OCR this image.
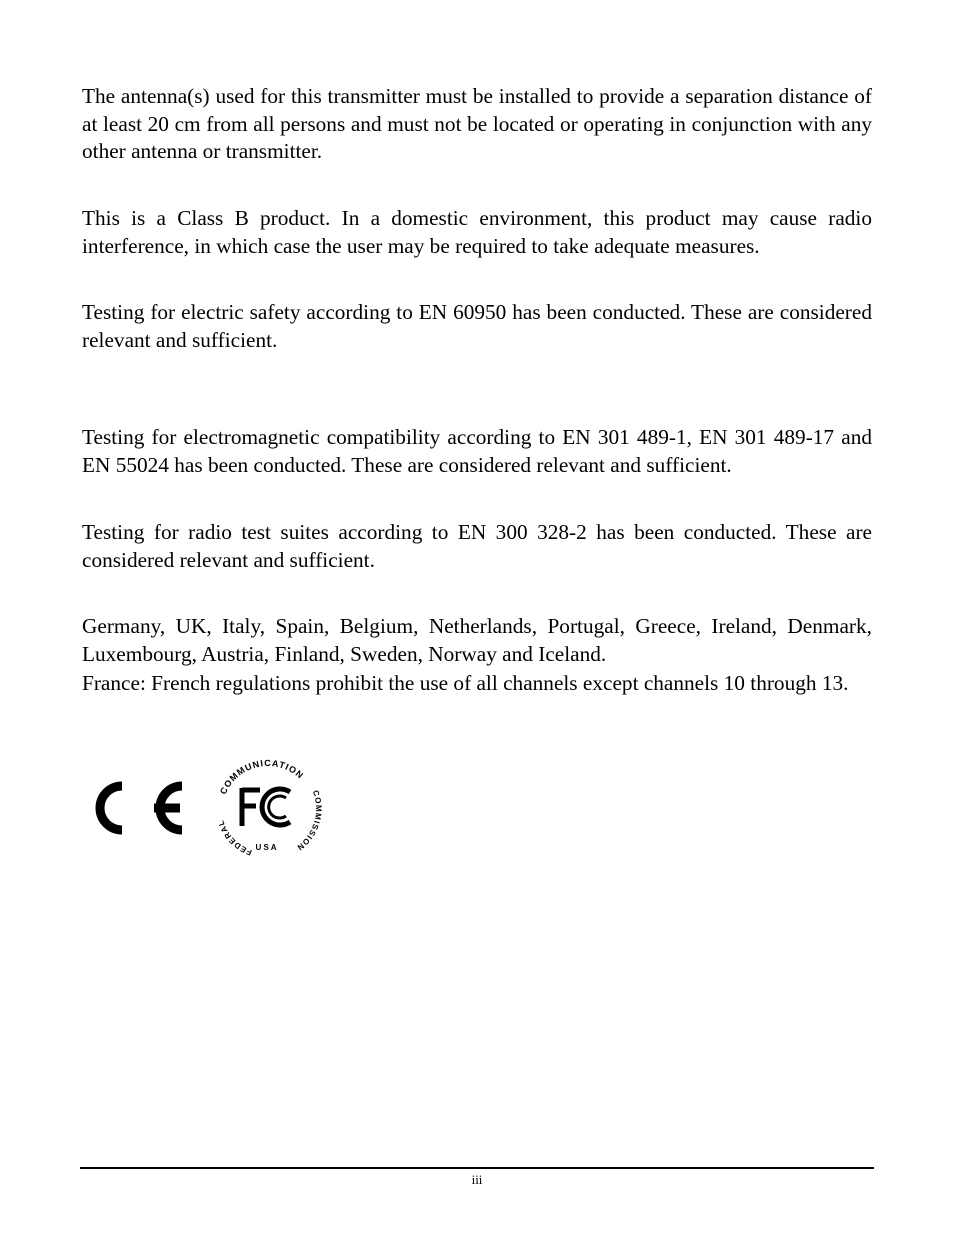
The antenna(s) used for this transmitter must be installed to provide a separation distance of at least 20 cm from all persons and must not be located or operating in conjunction with any other antenna or transmitter.

This is a Class B product. In a domestic environment, this product may cause radio interference, in which case the user may be required to take adequate measures.

Testing for electric safety according to EN 60950 has been conducted. These are considered relevant and sufficient.

Testing for electromagnetic compatibility according to EN 301 489-1, EN 301 489-17 and EN 55024 has been conducted. These are considered relevant and sufficient.

Testing for radio test suites according to EN 300 328-2 has been conducted. These are considered relevant and sufficient.

Germany, UK, Italy, Spain, Belgium, Netherlands, Portugal, Greece, Ireland, Denmark, Luxembourg, Austria, Finland, Sweden, Norway and Iceland.

France: French regulations prohibit the use of all channels except channels 10 through 13.

COMMUNICATION
FEDERAL
COMMISSION
U S A
iii
